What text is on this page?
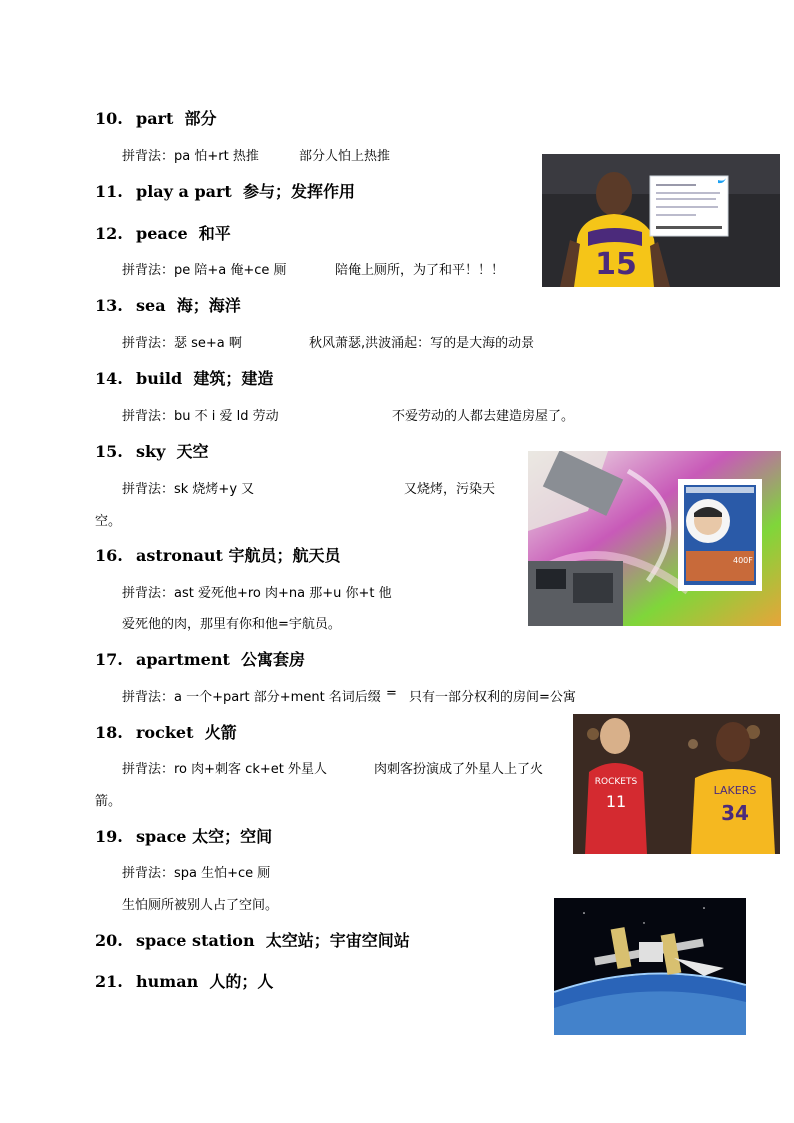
10. part 部分
拼背法：pa 怕+rt 热推	部分人怕上热推
11. play a part 参与；发挥作用
12. peace 和平
拼背法：pe 陪+a 俺+ce 厕	陪俺上厕所，为了和平！！！
13. sea 海；海洋
拼背法：瑟 se+a 啊	秋风萧瑟,洪波涌起：写的是大海的动景
14. build 建筑；建造
拼背法：bu 不 i 爱 ld 劳动	不爱劳动的人都去建造房屋了。
15. sky 天空
拼背法：sk 烧烤+y 又	又烧烤，污染天
空。
16. astronaut 宇航员；航天员
拼背法：ast 爱死他+ro 肉+na 那+u 你+t 他
爱死他的肉，那里有你和他=宇航员。
17. apartment 公寓套房
拼背法：a 一个+part 部分+ment 名词后缀 = 只有一部分权利的房间=公寓
18. rocket 火箭
拼背法：ro 肉+刺客 ck+et 外星人	肉刺客扮演成了外星人上了火
箭。
19. space 太空；空间
拼背法：spa 生怕+ce 厕
生怕厕所被别人占了空间。
20. space station 太空站；宇宙空间站
21. human 人的；人
15
400F
ROCKETS
11
LAKERS
34
